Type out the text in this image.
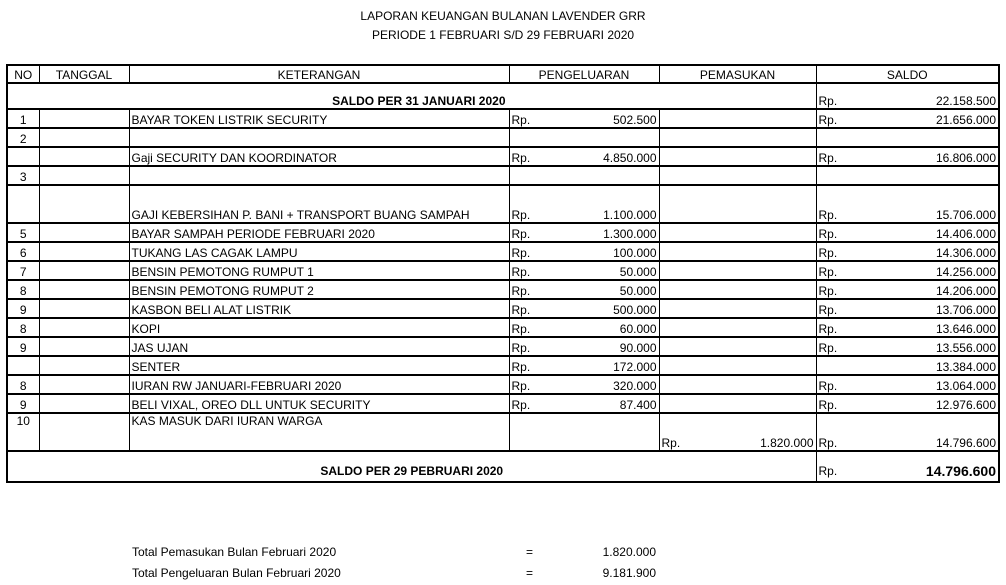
LAPORAN KEUANGAN BULANAN LAVENDER GRR
PERIODE 1 FEBRUARI S/D 29 FEBRUARI 2020
NO	TANGGAL	KETERANGAN	PENGELUARAN	PEMASUKAN	SALDO
SALDO PER 31 JANUARI 2020					Rp. 22.158.500

1		BAYAR TOKEN LISTRIK SECURITY	Rp. 502.500		Rp. 21.656.000

2			

		Gaji SECURITY DAN KOORDINATOR	Rp. 4.850.000		Rp. 16.806.000

3			

		GAJI KEBERSIHAN P. BANI + TRANSPORT BUANG SAMPAH	Rp. 1.100.000		Rp. 15.706.000

5		BAYAR SAMPAH PERIODE FEBRUARI 2020	Rp. 1.300.000		Rp. 14.406.000

6		TUKANG LAS CAGAK LAMPU	Rp. 100.000		Rp. 14.306.000

7		BENSIN PEMOTONG RUMPUT 1	Rp. 50.000		Rp. 14.256.000

8		BENSIN PEMOTONG RUMPUT 2	Rp. 50.000		Rp. 14.206.000

9		KASBON BELI ALAT LISTRIK	Rp. 500.000		Rp. 13.706.000

8		KOPI	Rp. 60.000		Rp. 13.646.000

9		JAS UJAN	Rp. 90.000		Rp. 13.556.000

		SENTER	Rp. 172.000		13.384.000

8		IURAN RW JANUARI-FEBRUARI 2020	Rp. 320.000		Rp. 13.064.000

9		BELI VIXAL, OREO DLL UNTUK SECURITY	Rp. 87.400		Rp. 12.976.600

10		KAS MASUK DARI IURAN WARGA		Rp. 1.820.000	Rp. 14.796.600

SALDO PER 29 PEBRUARI 2020					Rp. 14.796.600
Total Pemasukan Bulan Februari 2020	=	1.820.000
Total Pengeluaran Bulan Februari 2020	=	9.181.900
